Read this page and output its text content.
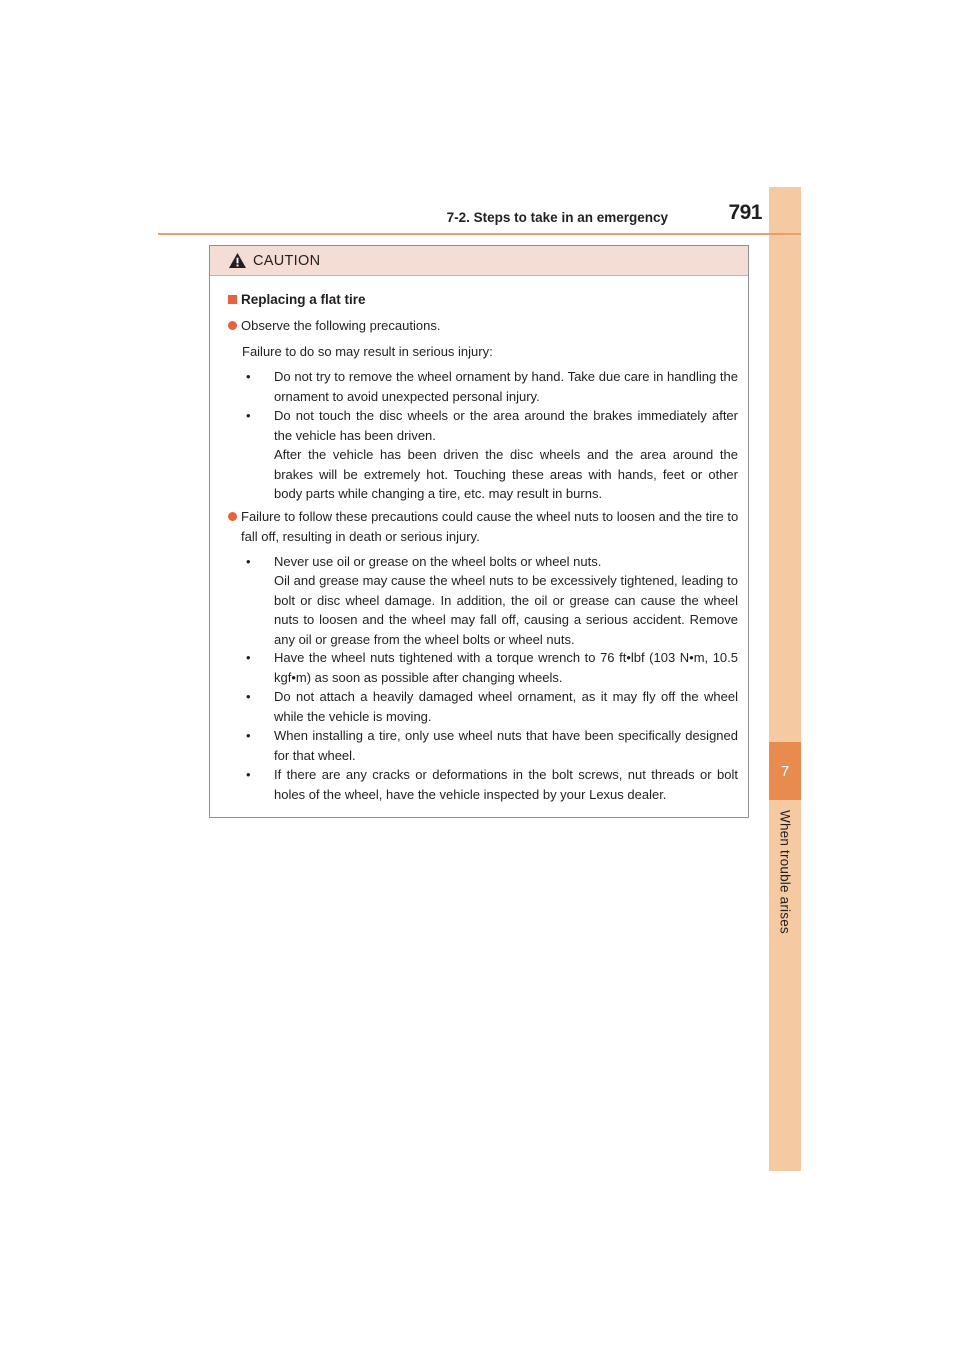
7
When trouble arises
7-2. Steps to take in an emergency	791
CAUTION
Replacing a flat tire
Observe the following precautions.
Failure to do so may result in serious injury:
• Do not try to remove the wheel ornament by hand. Take due care in handling the ornament to avoid unexpected personal injury.
• Do not touch the disc wheels or the area around the brakes immediately after the vehicle has been driven.
After the vehicle has been driven the disc wheels and the area around the brakes will be extremely hot. Touching these areas with hands, feet or other body parts while changing a tire, etc. may result in burns.
Failure to follow these precautions could cause the wheel nuts to loosen and the tire to fall off, resulting in death or serious injury.
• Never use oil or grease on the wheel bolts or wheel nuts.
Oil and grease may cause the wheel nuts to be excessively tightened, leading to bolt or disc wheel damage. In addition, the oil or grease can cause the wheel nuts to loosen and the wheel may fall off, causing a serious accident. Remove any oil or grease from the wheel bolts or wheel nuts.
• Have the wheel nuts tightened with a torque wrench to 76 ft•lbf (103 N•m, 10.5 kgf•m) as soon as possible after changing wheels.
• Do not attach a heavily damaged wheel ornament, as it may fly off the wheel while the vehicle is moving.
• When installing a tire, only use wheel nuts that have been specifically designed for that wheel.
• If there are any cracks or deformations in the bolt screws, nut threads or bolt holes of the wheel, have the vehicle inspected by your Lexus dealer.
